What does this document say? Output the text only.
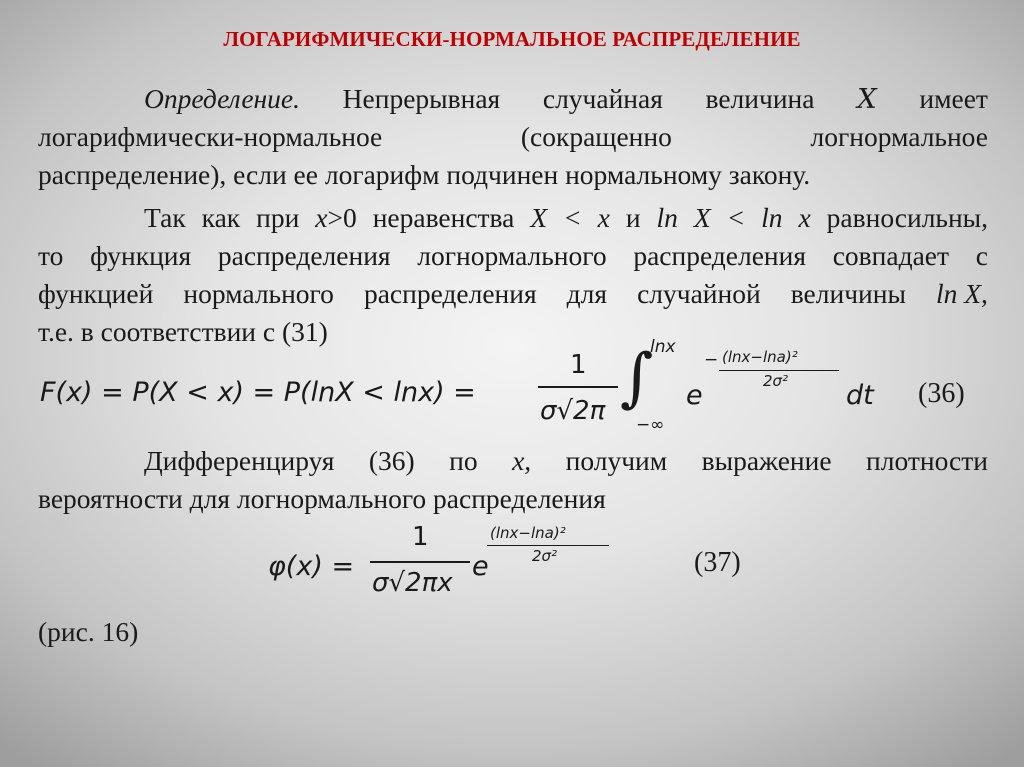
ЛОГАРИФМИЧЕСКИ-НОРМАЛЬНОЕ РАСПРЕДЕЛЕНИЕ
Определение. Непрерывная случайная величина X имеет
логарифмически-нормальное	(сокращенно	логнормальное
распределение), если ее логарифм подчинен нормальному закону.
Так как при x>0 неравенства X < x и ln X < ln x равносильны,
то функция распределения логнормального распределения совпадает с
функцией нормального распределения для случайной величины ln X,
т.е. в соответствии с (31)
F(x) = P(X < x) = P(lnX < lnx) =
1
σ√2π ∫
lnx
−∞
e
− (lnx−lna)²
2σ² dt (36)
Дифференцируя (36) по x, получим выражение плотности
вероятности для логнормального распределения
φ(x) =
1
σ√2πx
e
(lnx−lna)²
2σ²	(37)
(рис. 16)
